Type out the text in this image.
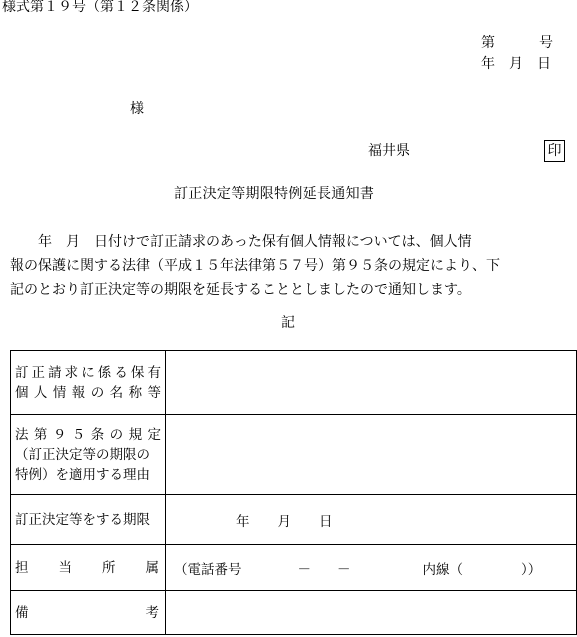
様式第１９号（第１２条関係）
第	号
年 月 日
様
福井県	印
訂正決定等期限特例延長通知書

　　年　月　日付けで訂正請求のあった保有個人情報については、個人情

報の保護に関する法律（平成１５年法律第５７号）第９５条の規定により、下

記のとおり訂正決定等の期限を延長することとしましたので通知します。

記
訂正請求に係る保有
個人情報の名称等	

法第９５条の規定
（訂正決定等の期限の
特例）を適用する理由	

訂正決定等をする期限	年 月 日

担 当 所 属	（電話番号 － － 内線（ ））

備 考	
